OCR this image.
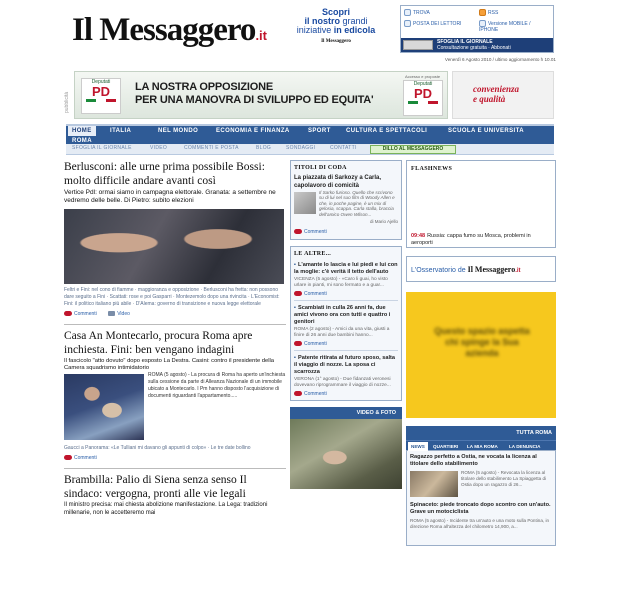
Il Messaggero.it
Scopri
il nostro grandi
iniziative in edicola
Il Messaggero
TROVA	RSS
POSTA DEI LETTORI	Versione MOBILE / IPHONE
SFOGLIA IL GIORNALE
Consultazione gratuita · Abbonati
Venerdì 6 Agosto 2010 / ultimo aggiornamento h 10.01
pubblicità
Deputati
PD	LA NOSTRA OPPOSIZIONE
PER UNA MANOVRA DI SVILUPPO ED EQUITA'
Accesso e proposte
Deputati
PD	convenienza
e qualità
HOME	ITALIA	NEL MONDO	ECONOMIA E FINANZA	SPORT	CULTURA E SPETTACOLI	SCUOLA E UNIVERSITA
ROMA
SFOGLIA IL GIORNALE	VIDEO	COMMENTI E POSTA	BLOG	SONDAGGI	CONTATTI	DILLO AL MESSAGGERO
Berlusconi: alle urne prima possibile Bossi: molto difficile andare avanti così
Vertice Pdl: ormai siamo in campagna elettorale. Granata: a settembre ne vedremo delle belle. Di Pietro: subito elezioni
Feltri e Fini: nel cono di fiamme · maggioranza e opposizione · Berlusconi ha fretta: non possono dare seguito a Fini · Scattati: rose e poi Gasparri · Montezemolo dopo una rivincita · L'Economist: Fini: il politico italiano più abile · D'Alema: governo di transizione e nuova legge elettorale
Commenti	Video
Casa An Montecarlo, procura Roma apre inchiesta. Fini: ben vengano indagini
Il fascicolo "atto dovuto" dopo esposto La Destra. Casini: contro il presidente della Camera squadrismo intimidatorio
ROMA (5 agosto) - La procura di Roma ha aperto un'inchiesta sulla cessione da parte di Alleanza Nazionale di un immobile ubicato a Montecarlo. I Pm hanno disposto l'acquisizione di documenti riguardanti l'appartamento.....
Gaucci a Panorama: «Le Tulliani mi davano gli appunti di colpo» · Le tre date bollino
Commenti
Brambilla: Palio di Siena senza senso Il sindaco: vergogna, pronti alle vie legali
Il ministro precisa: mai chiesta abolizione manifestazione. La Lega: tradizioni millenarie, non le accetteremo mai
TITOLI DI CODA
La piazzata di Sarkozy a Carla, capolavoro di comicità
Il Sarko furioso. Quello che scrivono su di lui nel suo film di Woody Allen e che, in poche pagine, è un mix di gelosia, scappa. Carla stalla, braccia dell'amico Owen Wilson...
di Mario Ajello
Commenti
LE ALTRE...
▪ L'amante lo lascia e lui piedi e lui con la moglie: c'è verità il tetto dell'auto
VICENZA (5 agosto) - «Caro li guai, ho visto urlare in pianti, mi sono fermato e a guar...
Commenti
▪ Scambiati in culla 26 anni fa, due amici vivono ora con tutti e quattro i genitori
ROMA (2 agosto) - Amici da una vita, giusti a finire di 26 anni due bambini hanno...
Commenti
▪ Patente ritirata al futuro sposo, salta il viaggio di nozze. La sposa ci scarrozza
VERONA (1° agosto) - Due fidanzati veronesi dovevano riprogrammare il viaggio di nozze...
Commenti
VIDEO & FOTO
FLASHNEWS
09:48 Russia: cappa fumo su Mosca, problemi in aeroporti
L'Osservatorio de Il Messaggero.it
Questo spazio aspetta chi spinge la Sua azienda
TUTTA ROMA
NEWS	QUARTIERI	LA MIA ROMA	LA DENUNCIA
Ragazzo perfetto a Ostia, ne vocata la licenza al titolare dello stabilimento
ROMA (5 agosto) - Revocata la licenza al titolare dello stabilimento La Spiaggetta di Ostia dopo un ragazzo di 26...
Spinaceto: piede troncato dopo scontro con un'auto. Grave un motociclista
ROMA (5 agosto) - Incidente tra un'auto e una moto sulla Pontina, in direzione Roma all'altezza del chilometro 14,900, a...
